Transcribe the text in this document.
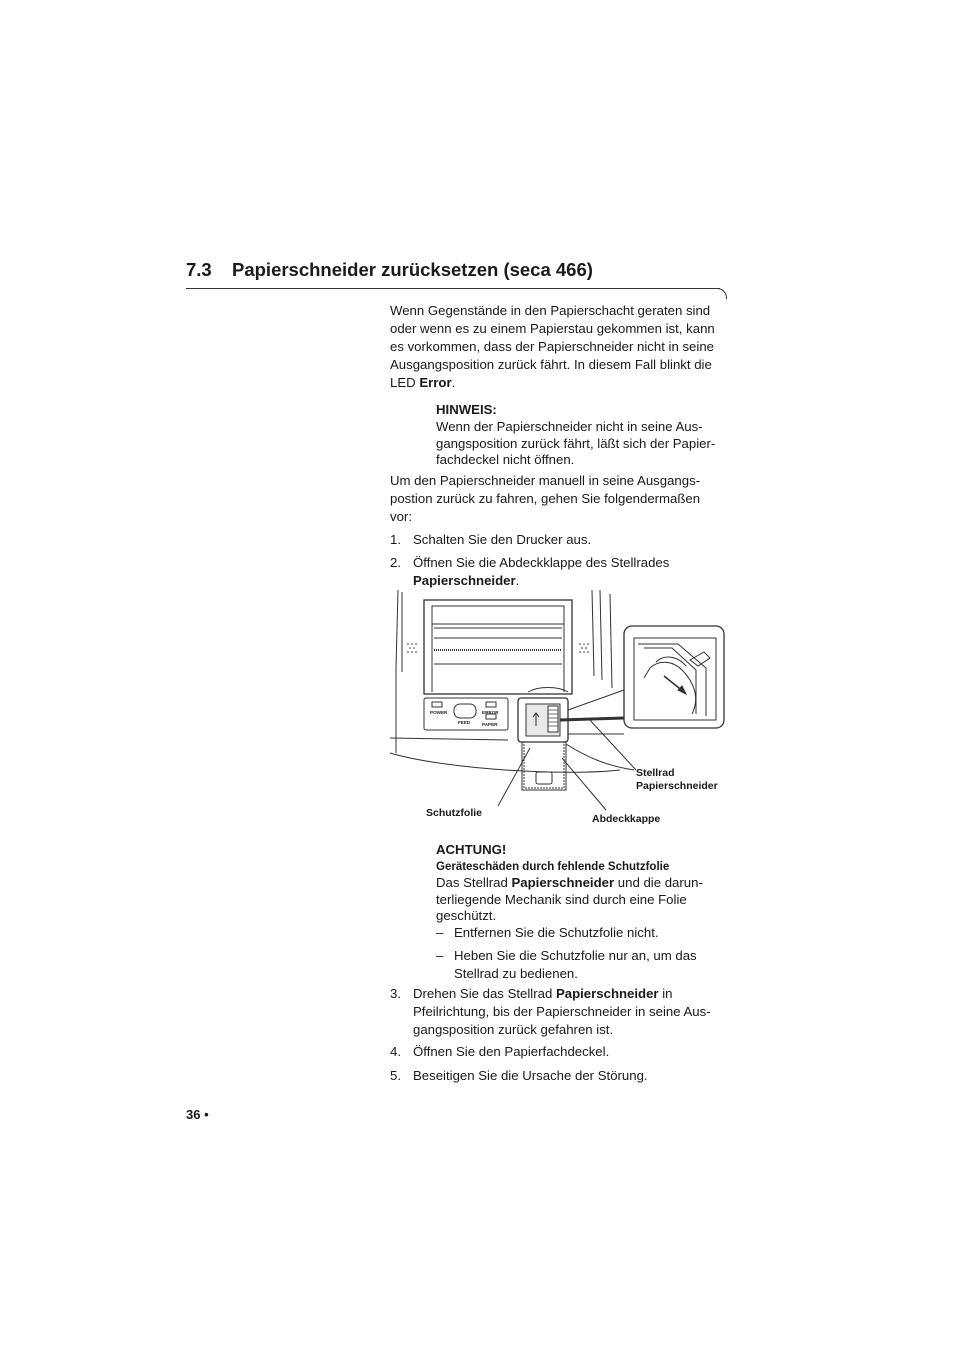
7.3 Papierschneider zurücksetzen (seca 466)
Wenn Gegenstände in den Papierschacht geraten sind
oder wenn es zu einem Papierstau gekommen ist, kann
es vorkommen, dass der Papierschneider nicht in seine
Ausgangsposition zurück fährt. In diesem Fall blinkt die
LED Error.
HINWEIS:
Wenn der Papierschneider nicht in seine Aus-
gangsposition zurück fährt, läßt sich der Papier-
fachdeckel nicht öffnen.
Um den Papierschneider manuell in seine Ausgangs-
postion zurück zu fahren, gehen Sie folgendermaßen
vor:
1. Schalten Sie den Drucker aus.
2. Öffnen Sie die Abdeckklappe des Stellrades
Papierschneider.
POWER
FEED
ERROR
PAPER
Stellrad
Papierschneider
Schutzfolie	Abdeckkappe
ACHTUNG!
Geräteschäden durch fehlende Schutzfolie
Das Stellrad Papierschneider und die darun-
terliegende Mechanik sind durch eine Folie
geschützt.
– Entfernen Sie die Schutzfolie nicht.
– Heben Sie die Schutzfolie nur an, um das
Stellrad zu bedienen.
3. Drehen Sie das Stellrad Papierschneider in
Pfeilrichtung, bis der Papierschneider in seine Aus-
gangsposition zurück gefahren ist.
4. Öffnen Sie den Papierfachdeckel.
5. Beseitigen Sie die Ursache der Störung.
36 •
